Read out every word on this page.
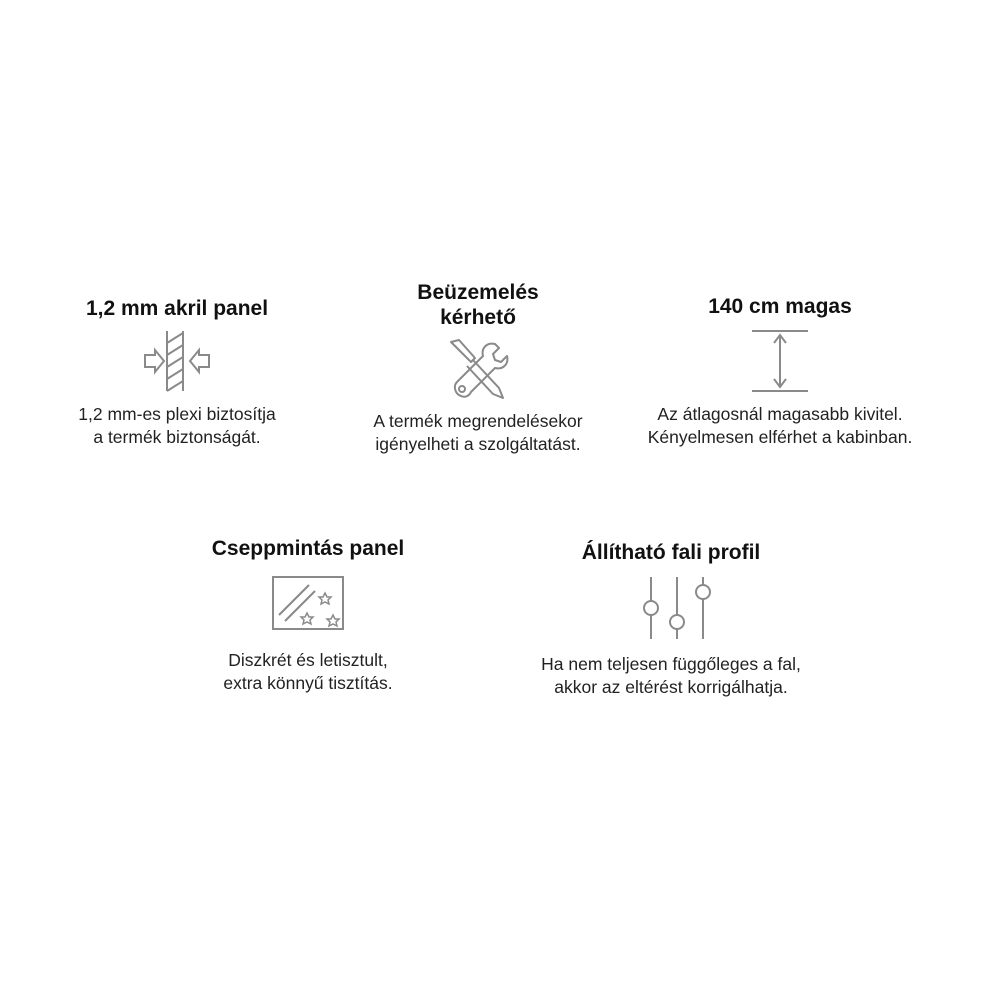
1,2 mm akril panel

1,2 mm-es plexi biztosítja
a termék biztonságát.

Beüzemelés
kérhető

A termék megrendelésekor
igényelheti a szolgáltatást.

140 cm magas

Az átlagosnál magasabb kivitel.
Kényelmesen elférhet a kabinban.

Cseppmintás panel

Diszkrét és letisztult,
extra könnyű tisztítás.

Állítható fali profil

Ha nem teljesen függőleges a fal,
akkor az eltérést korrigálhatja.
